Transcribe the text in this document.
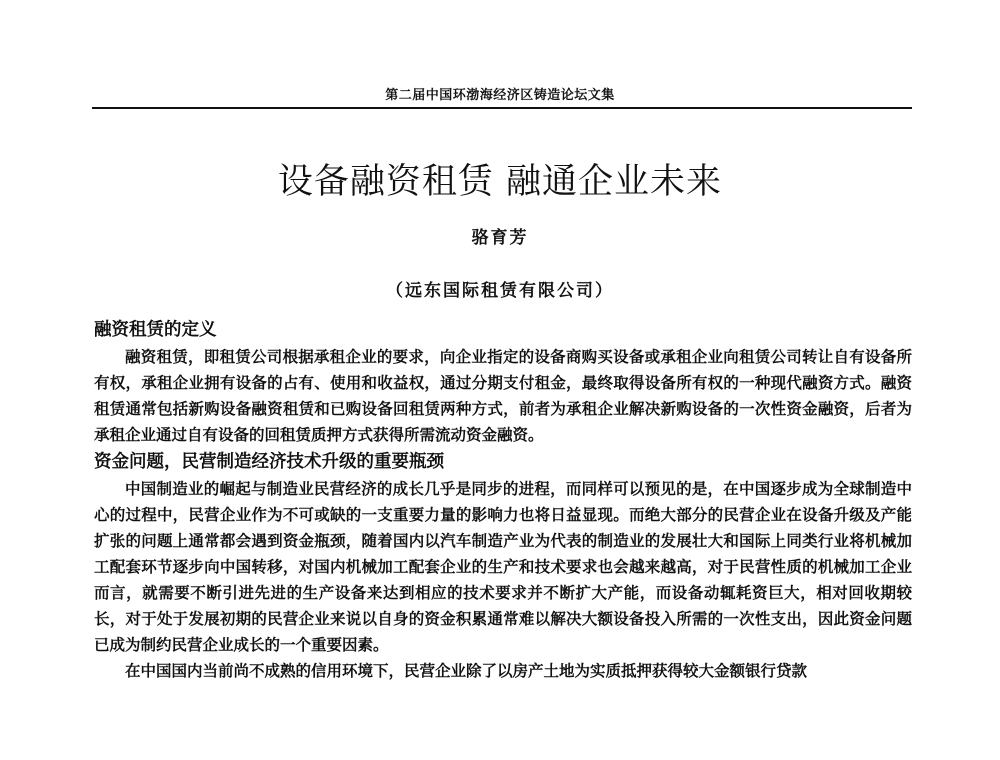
第二届中国环渤海经济区铸造论坛文集
设备融资租赁 融通企业未来
骆育芳
（远东国际租赁有限公司）
融资租赁的定义

融资租赁，即租赁公司根据承租企业的要求，向企业指定的设备商购买设备或承租企业向租赁公司转让自有设备所有权，承租企业拥有设备的占有、使用和收益权，通过分期支付租金，最终取得设备所有权的一种现代融资方式。融资租赁通常包括新购设备融资租赁和已购设备回租赁两种方式，前者为承租企业解决新购设备的一次性资金融资，后者为承租企业通过自有设备的回租赁质押方式获得所需流动资金融资。

资金问题，民营制造经济技术升级的重要瓶颈

中国制造业的崛起与制造业民营经济的成长几乎是同步的进程，而同样可以预见的是，在中国逐步成为全球制造中心的过程中，民营企业作为不可或缺的一支重要力量的影响力也将日益显现。而绝大部分的民营企业在设备升级及产能扩张的问题上通常都会遇到资金瓶颈，随着国内以汽车制造产业为代表的制造业的发展壮大和国际上同类行业将机械加工配套环节逐步向中国转移，对国内机械加工配套企业的生产和技术要求也会越来越高，对于民营性质的机械加工企业而言，就需要不断引进先进的生产设备来达到相应的技术要求并不断扩大产能，而设备动辄耗资巨大，相对回收期较长，对于处于发展初期的民营企业来说以自身的资金积累通常难以解决大额设备投入所需的一次性支出，因此资金问题已成为制约民营企业成长的一个重要因素。

在中国国内当前尚不成熟的信用环境下，民营企业除了以房产土地为实质抵押获得较大金额银行贷款
